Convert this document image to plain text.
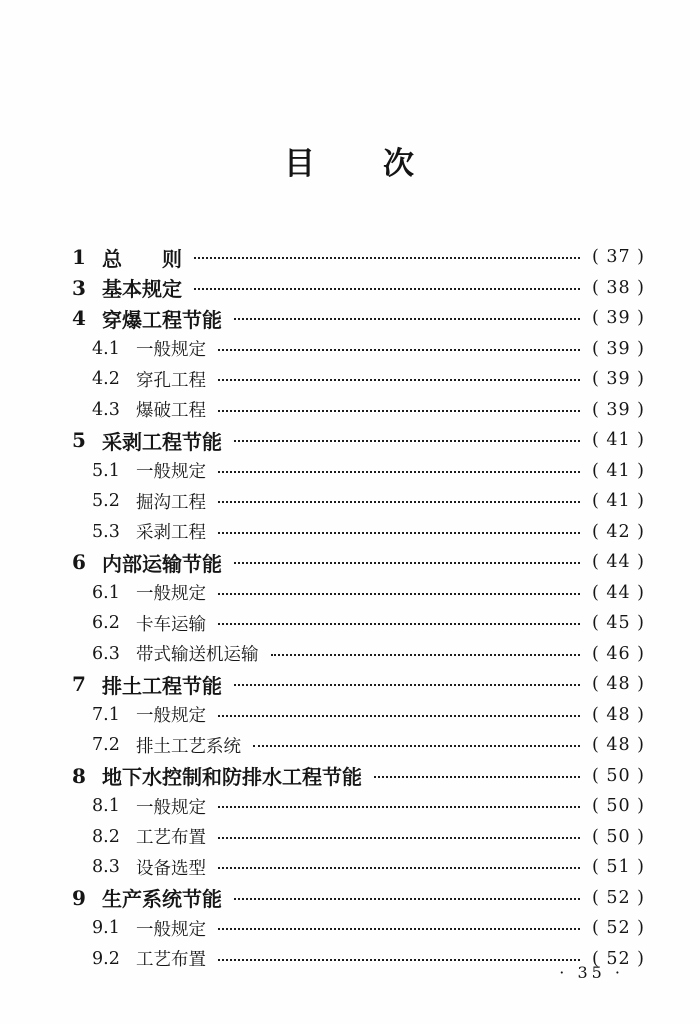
目　　次
1 总　　则	( 37 )
3 基本规定	( 38 )
4 穿爆工程节能	( 39 )
4.1 一般规定	( 39 )
4.2 穿孔工程	( 39 )
4.3 爆破工程	( 39 )
5 采剥工程节能	( 41 )
5.1 一般规定	( 41 )
5.2 掘沟工程	( 41 )
5.3 采剥工程	( 42 )
6 内部运输节能	( 44 )
6.1 一般规定	( 44 )
6.2 卡车运输	( 45 )
6.3 带式输送机运输	( 46 )
7 排土工程节能	( 48 )
7.1 一般规定	( 48 )
7.2 排土工艺系统	( 48 )
8 地下水控制和防排水工程节能	( 50 )
8.1 一般规定	( 50 )
8.2 工艺布置	( 50 )
8.3 设备选型	( 51 )
9 生产系统节能	( 52 )
9.1 一般规定	( 52 )
9.2 工艺布置	( 52 )
· 35 ·
